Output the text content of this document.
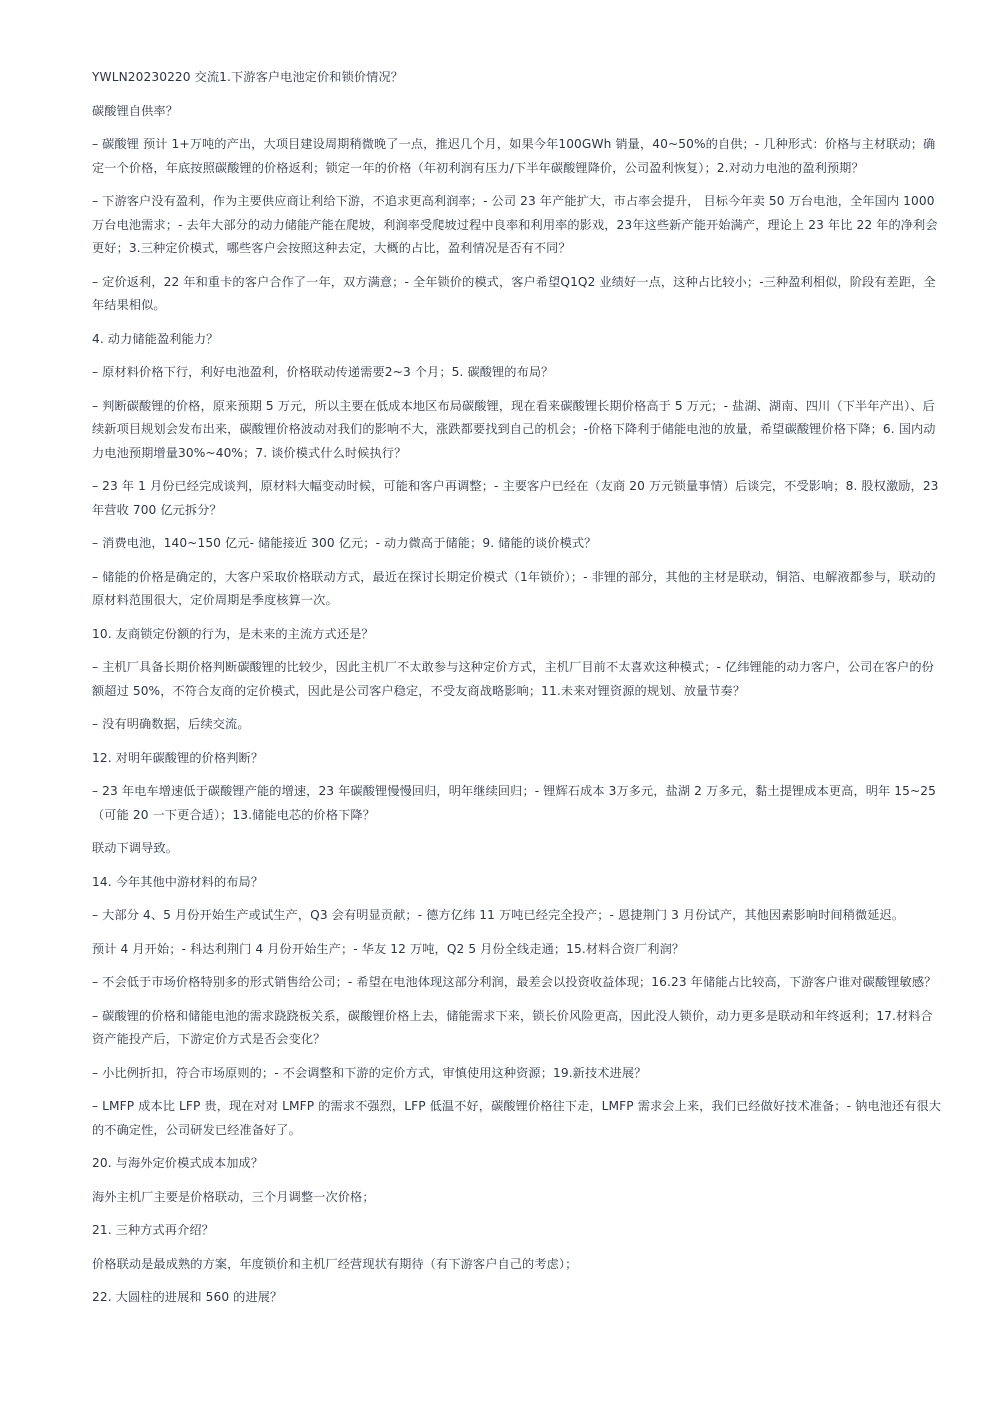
YWLN20230220 交流1.下游客户电池定价和锁价情况？

碳酸锂自供率？

– 碳酸锂 预计 1+万吨的产出，大项目建设周期稍微晚了一点，推迟几个月，如果今年100GWh 销量，40~50%的自供；- 几种形式：价格与主材联动；确定一个价格，年底按照碳酸锂的价格返利；锁定一年的价格（年初利润有压力/下半年碳酸锂降价，公司盈利恢复）；2.对动力电池的盈利预期？

– 下游客户没有盈利，作为主要供应商让利给下游，不追求更高利润率；- 公司 23 年产能扩大，市占率会提升， 目标今年卖 50 万台电池，全年国内 1000 万台电池需求；- 去年大部分的动力储能产能在爬坡，利润率受爬坡过程中良率和利用率的影戏，23年这些新产能开始满产，理论上 23 年比 22 年的净利会更好；3.三种定价模式，哪些客户会按照这种去定，大概的占比，盈利情况是否有不同？

– 定价返利，22 年和重卡的客户合作了一年，双方满意；- 全年锁价的模式，客户希望Q1Q2 业绩好一点，这种占比较小；-三种盈利相似，阶段有差距，全年结果相似。

4. 动力储能盈利能力？

– 原材料价格下行，利好电池盈利，价格联动传递需要2~3 个月；5. 碳酸锂的布局？

– 判断碳酸锂的价格，原来预期 5 万元，所以主要在低成本地区布局碳酸锂，现在看来碳酸锂长期价格高于 5 万元；- 盐湖、湖南、四川（下半年产出）、后续新项目规划会发布出来，碳酸锂价格波动对我们的影响不大，涨跌都要找到自己的机会；-价格下降利于储能电池的放量，希望碳酸锂价格下降；6. 国内动力电池预期增量30%~40%；7. 谈价模式什么时候执行？

– 23 年 1 月份已经完成谈判，原材料大幅变动时候，可能和客户再调整；- 主要客户已经在（友商 20 万元锁量事情）后谈完，不受影响；8. 股权激励，23 年营收 700 亿元拆分？

– 消费电池，140~150 亿元- 储能接近 300 亿元；- 动力微高于储能；9. 储能的谈价模式？

– 储能的价格是确定的，大客户采取价格联动方式，最近在探讨长期定价模式（1年锁价）；- 非锂的部分，其他的主材是联动，铜箔、电解液都参与，联动的原材料范围很大，定价周期是季度核算一次。

10. 友商锁定份额的行为，是未来的主流方式还是？

– 主机厂具备长期价格判断碳酸锂的比较少，因此主机厂不太敢参与这种定价方式，主机厂目前不太喜欢这种模式；- 亿纬锂能的动力客户，公司在客户的份额超过 50%，不符合友商的定价模式，因此是公司客户稳定，不受友商战略影响；11.未来对锂资源的规划、放量节奏？

– 没有明确数据，后续交流。

12. 对明年碳酸锂的价格判断？

– 23 年电车增速低于碳酸锂产能的增速，23 年碳酸锂慢慢回归，明年继续回归；- 锂辉石成本 3万多元，盐湖 2 万多元，黏土提锂成本更高，明年 15~25（可能 20 一下更合适）；13.储能电芯的价格下降？

联动下调导致。

14. 今年其他中游材料的布局？

– 大部分 4、5 月份开始生产或试生产，Q3 会有明显贡献；- 德方亿纬 11 万吨已经完全投产；- 恩捷荆门 3 月份试产，其他因素影响时间稍微延迟。

预计 4 月开始；- 科达利荆门 4 月份开始生产；- 华友 12 万吨，Q2 5 月份全线走通；15.材料合资厂利润？

– 不会低于市场价格特别多的形式销售给公司；- 希望在电池体现这部分利润，最差会以投资收益体现；16.23 年储能占比较高，下游客户谁对碳酸锂敏感？

– 碳酸锂的价格和储能电池的需求跷跷板关系，碳酸锂价格上去，储能需求下来，锁长价风险更高，因此没人锁价，动力更多是联动和年终返利；17.材料合资产能投产后，下游定价方式是否会变化？

– 小比例折扣，符合市场原则的；- 不会调整和下游的定价方式，审慎使用这种资源；19.新技术进展？

– LMFP 成本比 LFP 贵，现在对对 LMFP 的需求不强烈，LFP 低温不好，碳酸锂价格往下走，LMFP 需求会上来，我们已经做好技术准备；- 钠电池还有很大的不确定性，公司研发已经准备好了。

20. 与海外定价模式成本加成？

海外主机厂主要是价格联动，三个月调整一次价格；

21. 三种方式再介绍？

价格联动是最成熟的方案，年度锁价和主机厂经营现状有期待（有下游客户自己的考虑）；

22. 大圆柱的进展和 560 的进展？
